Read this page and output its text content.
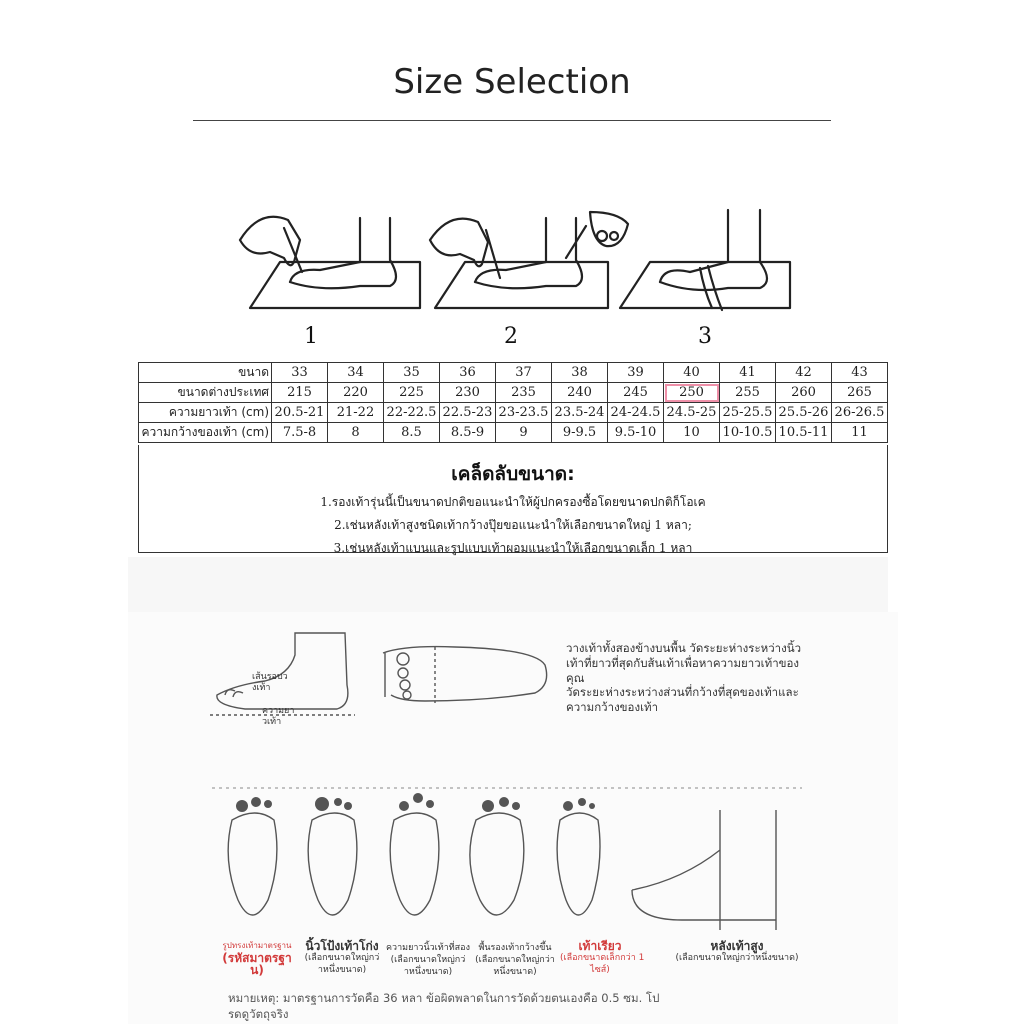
Size Selection
1	2	3
ขนาด	33	34	35	36	37	38	39	40	41	42	43
ขนาดต่างประเทศ	215	220	225	230	235	240	245	250	255	260	265
ความยาวเท้า (cm)	20.5-21	21-22	22-22.5	22.5-23	23-23.5	23.5-24	24-24.5	24.5-25	25-25.5	25.5-26	26-26.5
ความกว้างของเท้า (cm)	7.5-8	8	8.5	8.5-9	9	9-9.5	9.5-10	10	10-10.5	10.5-11	11
เคล็ดลับขนาด:
1.รองเท้ารุ่นนี้เป็นขนาดปกติขอแนะนำให้ผู้ปกครองซื้อโดยขนาดปกติก็โอเค
2.เช่นหลังเท้าสูงชนิดเท้ากว้างปุ๊ยขอแนะนำให้เลือกขนาดใหญ่ 1 หลา;
3.เช่นหลังเท้าแบนและรูปแบบเท้าผอมแนะนำให้เลือกขนาดเล็ก 1 หลา
เส้นรอบว
งเท้า
ความยา
วเท้า
วางเท้าทั้งสองข้างบนพื้น วัดระยะห่างระหว่างนิ้ว
เท้าที่ยาวที่สุดกับส้นเท้าเพื่อหาความยาวเท้าของ
คุณ
วัดระยะห่างระหว่างส่วนที่กว้างที่สุดของเท้าและ
ความกว้างของเท้า
รูปทรงเท้ามาตรฐาน
(รหัสมาตรฐา
น)
นิ้วโป้งเท้าโก่ง
(เลือกขนาดใหญ่กว่
าหนึ่งขนาด)
ความยาวนิ้วเท้าที่สอง
(เลือกขนาดใหญ่กว่
าหนึ่งขนาด)
พื้นรองเท้ากว้างขึ้น
(เลือกขนาดใหญ่กว่า
หนึ่งขนาด)
เท้าเรียว
(เลือกขนาดเล็กกว่า 1
ไซส์)
หลังเท้าสูง
(เลือกขนาดใหญ่กว่าหนึ่งขนาด)
หมายเหตุ: มาตรฐานการวัดคือ 36 หลา ข้อผิดพลาดในการวัดด้วยตนเองคือ 0.5 ซม. โป
รดดูวัตถุจริง
